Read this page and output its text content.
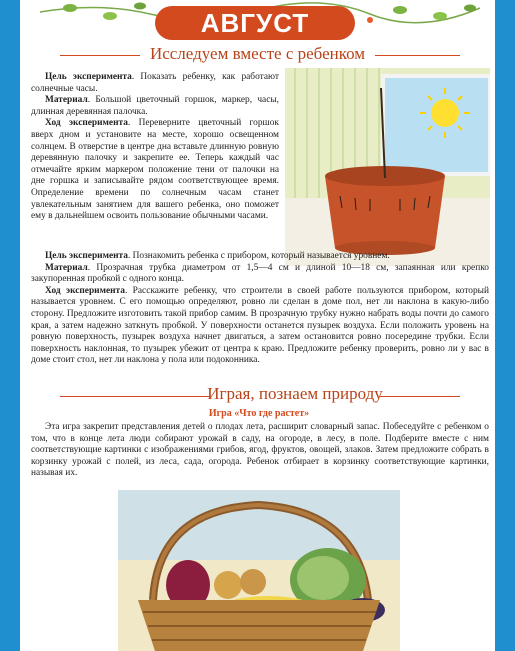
АВГУСТ
Исследуем вместе с ребенком

Цель эксперимента. Показать ребенку, как работают солнечные часы.

Материал. Большой цветочный горшок, маркер, часы, длинная деревянная палочка.

Ход эксперимента. Переверните цветочный горшок вверх дном и установите на месте, хорошо освещенном солнцем. В отверстие в центре дна вставьте длинную ровную деревянную палочку и закрепите ее. Теперь каждый час отмечайте ярким маркером положение тени от палочки на дне горшка и записывайте рядом соответствующее время. Определение времени по солнечным часам станет увлекательным занятием для вашего ребенка, оно поможет ему в дальнейшем освоить пользование обычными часами.

Цель эксперимента. Познакомить ребенка с прибором, который называется уровнем.

Материал. Прозрачная трубка диаметром от 1,5—4 см и длиной 10—18 см, запаянная или крепко закупоренная пробкой с одного конца.

Ход эксперимента. Расскажите ребенку, что строители в своей работе пользуются прибором, который называется уровнем. С его помощью определяют, ровно ли сделан в доме пол, нет ли наклона в какую-либо сторону. Предложите изготовить такой прибор самим. В прозрачную трубку нужно набрать воды почти до самого края, а затем надежно заткнуть пробкой. У поверхности останется пузырек воздуха. Если положить уровень на ровную поверхность, пузырек воздуха начнет двигаться, а затем остановится ровно посередине трубки. Если поверхность наклонная, то пузырек убежит от центра к краю. Предложите ребенку проверить, ровно ли у вас в доме стоит стол, нет ли наклона у пола или подоконника.

Играя, познаем природу
Игра «Что где растет»

Эта игра закрепит представления детей о плодах лета, расширит словарный запас. Побеседуйте с ребенком о том, что в конце лета люди собирают урожай в саду, на огороде, в лесу, в поле. Подберите вместе с ним соответствующие картинки с изображениями грибов, ягод, фруктов, овощей, злаков. Затем предложите собрать в корзинку урожай с полей, из леса, сада, огорода. Ребенок отбирает в корзинку соответствующие картинки, называя их.
